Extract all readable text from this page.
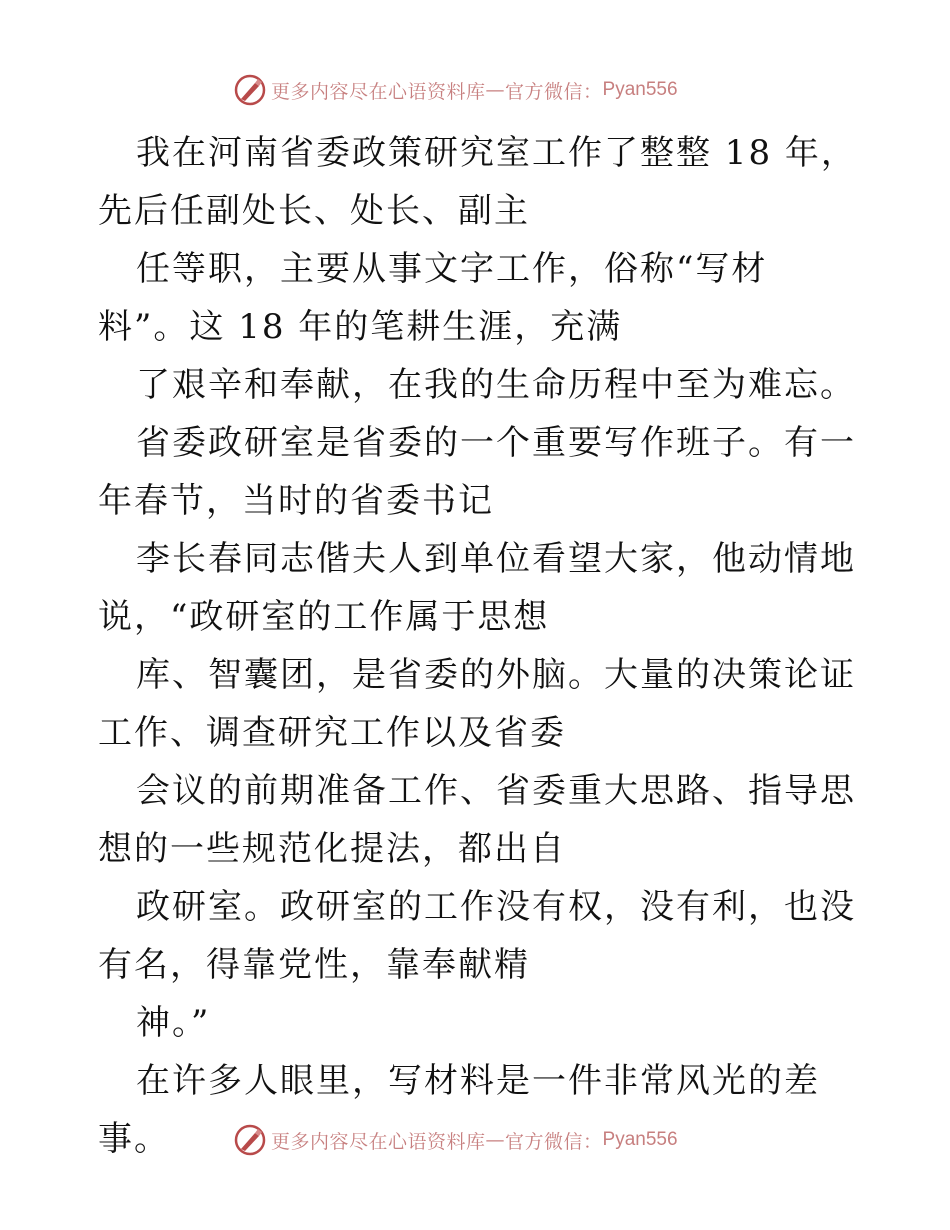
更多内容尽在心语资料库 — 官方微信： Pyan556

我在河南省委政策研究室工作了整整 18 年，先后任副处长、处长、副主

任等职，主要从事文字工作，俗称“写材料”。这 18 年的笔耕生涯，充满

了艰辛和奉献，在我的生命历程中至为难忘。

省委政研室是省委的一个重要写作班子。有一年春节，当时的省委书记

李长春同志偕夫人到单位看望大家，他动情地说，“政研室的工作属于思想

库、智囊团，是省委的外脑。大量的决策论证工作、调查研究工作以及省委

会议的前期准备工作、省委重大思路、指导思想的一些规范化提法，都出自

政研室。政研室的工作没有权，没有利，也没有名，得靠党性，靠奉献精

神。”

在许多人眼里，写材料是一件非常风光的差事。	更多内容尽在心语资料库 — 官方微信： Pyan556
